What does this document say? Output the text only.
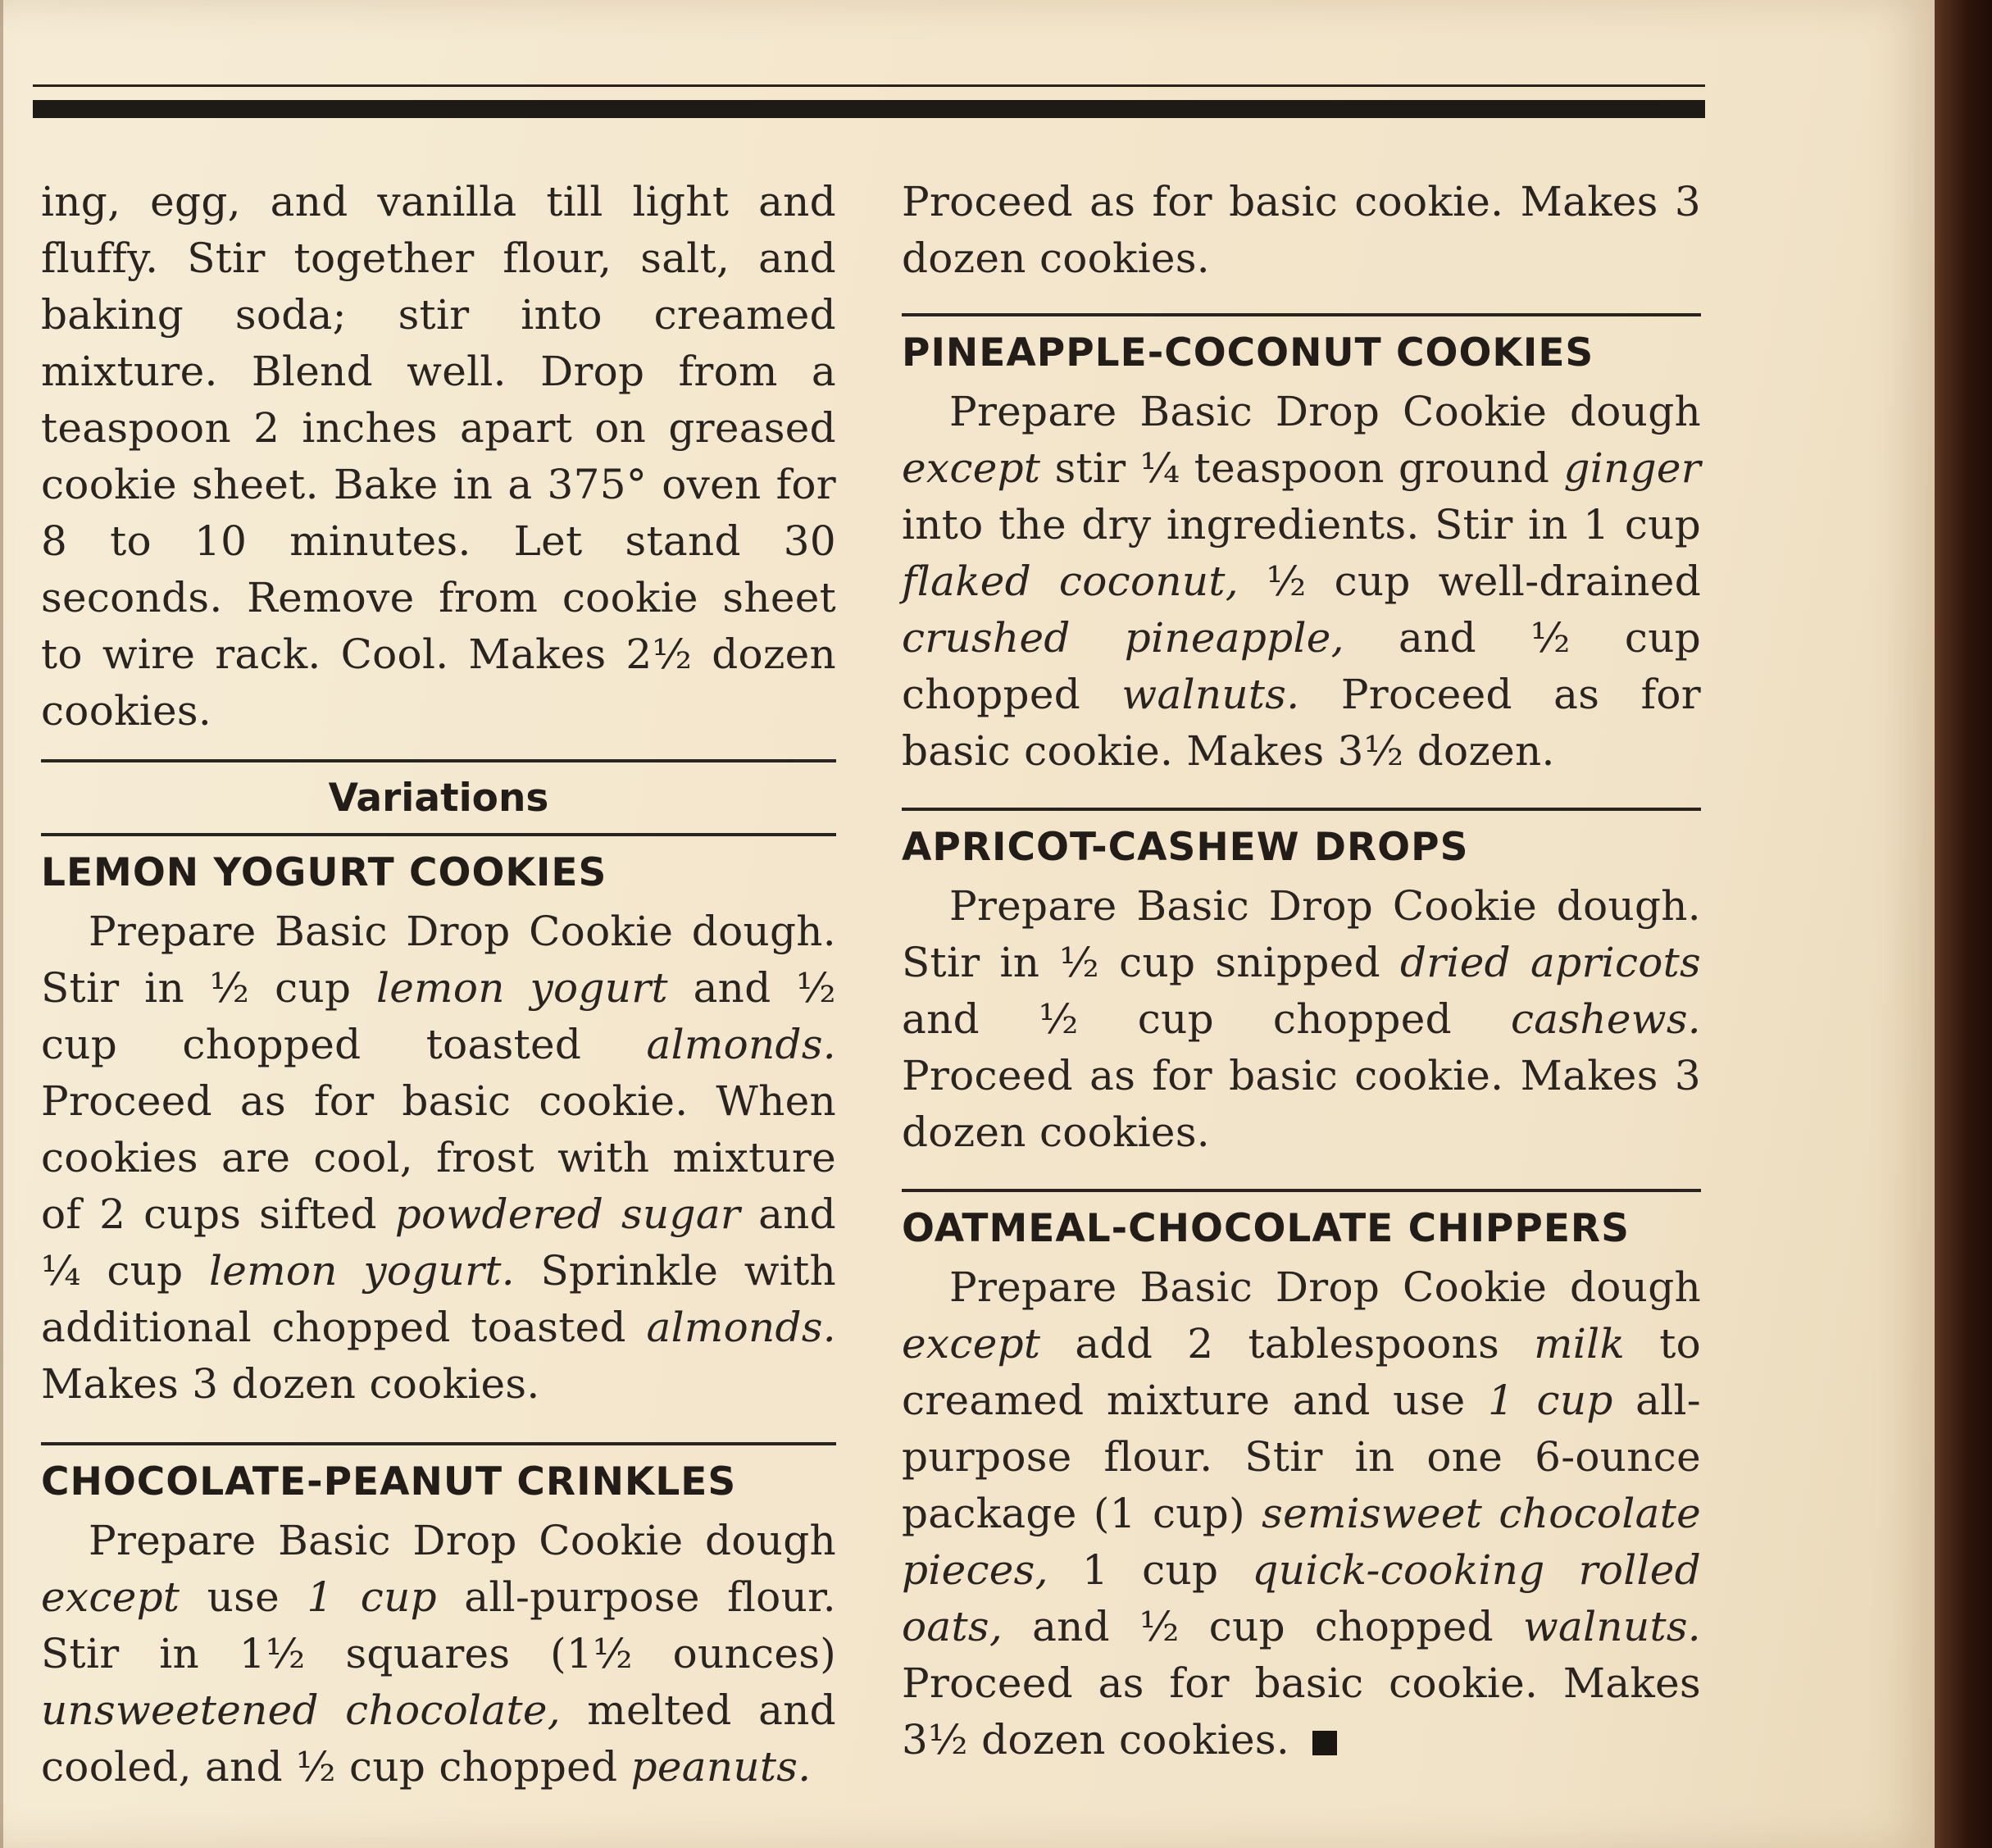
ing, egg, and vanilla till light and fluffy. Stir together flour, salt, and baking soda; stir into creamed mixture. Blend well. Drop from a teaspoon 2 inches apart on greased cookie sheet. Bake in a 375° oven for 8 to 10 minutes. Let stand 30 seconds. Remove from cookie sheet to wire rack. Cool. Makes 2½ dozen cookies.

Variations
LEMON YOGURT COOKIES

Prepare Basic Drop Cookie dough. Stir in ½ cup lemon yogurt and ½ cup chopped toasted almonds. Proceed as for basic cookie. When cookies are cool, frost with mixture of 2 cups sifted powdered sugar and ¼ cup lemon yogurt. Sprinkle with additional chopped toasted almonds. Makes 3 dozen cookies.

CHOCOLATE-PEANUT CRINKLES

Prepare Basic Drop Cookie dough except use 1 cup all-purpose flour. Stir in 1½ squares (1½ ounces) unsweetened chocolate, melted and cooled, and ½ cup chopped peanuts.

Proceed as for basic cookie. Makes 3 dozen cookies.

PINEAPPLE-COCONUT COOKIES

Prepare Basic Drop Cookie dough except stir ¼ teaspoon ground ginger into the dry ingredients. Stir in 1 cup flaked coconut, ½ cup well-drained crushed pineapple, and ½ cup chopped walnuts. Proceed as for basic cookie. Makes 3½ dozen.

APRICOT-CASHEW DROPS

Prepare Basic Drop Cookie dough. Stir in ½ cup snipped dried apricots and ½ cup chopped cashews. Proceed as for basic cookie. Makes 3 dozen cookies.

OATMEAL-CHOCOLATE CHIPPERS

Prepare Basic Drop Cookie dough except add 2 tablespoons milk to creamed mixture and use 1 cup all-purpose flour. Stir in one 6-ounce package (1 cup) semisweet chocolate pieces, 1 cup quick-cooking rolled oats, and ½ cup chopped walnuts. Proceed as for basic cookie. Makes 3½ dozen cookies.
